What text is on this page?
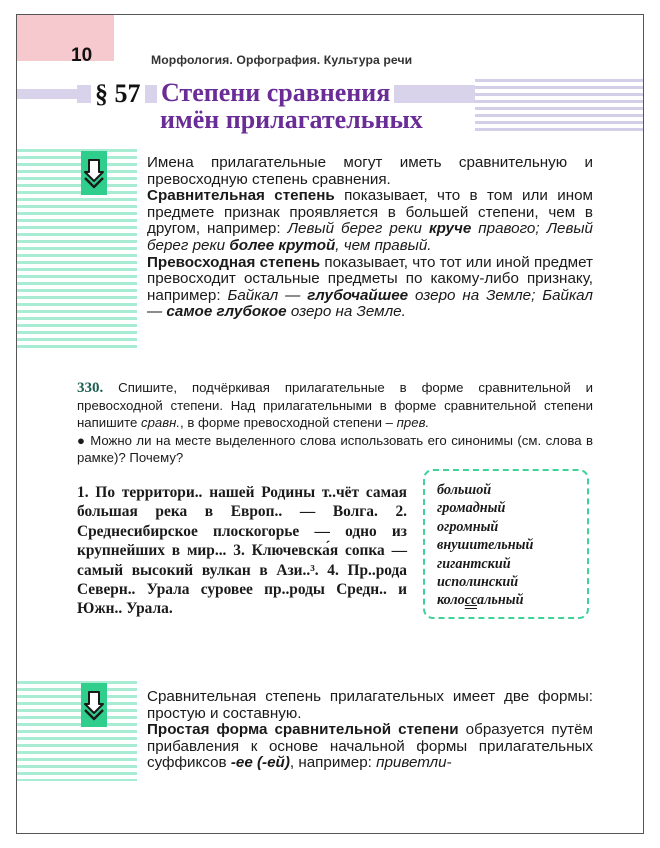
10	Морфология. Орфография. Культура речи
§ 57 Степени сравнения
имён прилагательных

Имена прилагательные могут иметь сравнительную и превосходную степень сравнения.

Сравнительная степень показывает, что в том или ином предмете признак проявляется в большей степени, чем в другом, например: Левый берег реки круче правого; Левый берег реки более крутой, чем правый.

Превосходная степень показывает, что тот или иной предмет превосходит остальные предметы по какому-либо признаку, например: Байкал — глубочайшее озеро на Земле; Байкал — самое глубокое озеро на Земле.

330. Спишите, подчёркивая прилагательные в форме сравнительной и превосходной степени. Над прилагательными в форме сравнительной степени напишите сравн., в форме превосходной степени – прев.
● Можно ли на месте выделенного слова использовать его синонимы (см. слова в рамке)? Почему?
1. По территори.. нашей Родины т..чёт самая большая река в Европ.. — Волга. 2. Среднесибирское плоскогорье — одно из крупнейших в мир... 3. Ключевска́я сопка — самый высокий вулкан в Ази..³. 4. Пр..рода Северн.. Урала суровее пр..роды Средн.. и Южн.. Урала.
большой
громадный
огромный
внушительный
гигантский
исполинский
колоссальный

Сравнительная степень прилагательных имеет две формы: простую и составную.

Простая форма сравнительной степени образуется путём прибавления к основе начальной формы прилагательных суффиксов -ее (-ей), например: приветли-
